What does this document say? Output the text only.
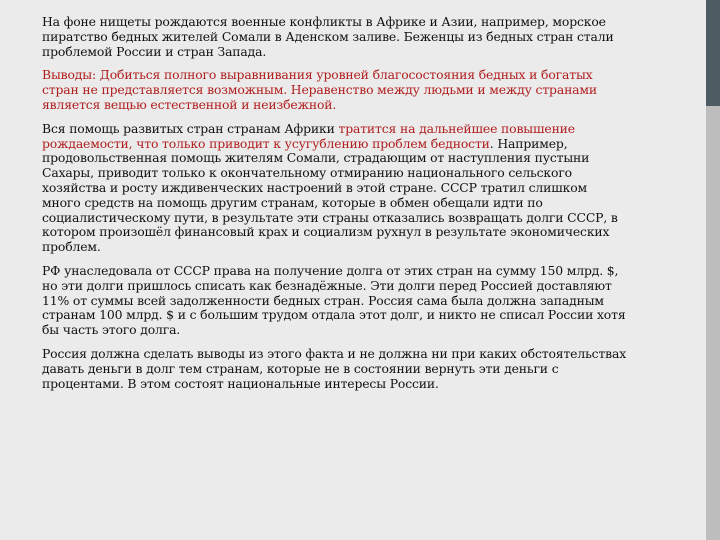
На фоне нищеты рождаются военные конфликты в Африке и Азии, например, морское пиратство бедных жителей Сомали в Аденском заливе. Беженцы из бедных стран стали проблемой России и стран Запада.

Выводы: Добиться полного выравнивания уровней благосостояния бедных и богатых стран не представляется возможным. Неравенство между людьми и между странами является вещью естественной и неизбежной.

Вся помощь развитых стран странам Африки тратится на дальнейшее повышение рождаемости, что только приводит к усугублению проблем бедности. Например, продовольственная помощь жителям Сомали, страдающим от наступления пустыни Сахары, приводит только к окончательному отмиранию национального сельского хозяйства и росту иждивенческих настроений в этой стране. СССР тратил слишком много средств на помощь другим странам, которые в обмен обещали идти по социалистическому пути, в результате эти страны отказались возвращать долги СССР, в котором произошёл финансовый крах и социализм рухнул в результате экономических проблем.

РФ унаследовала от СССР права на получение долга от этих стран на сумму 150 млрд. $, но эти долги пришлось списать как безнадёжные. Эти долги перед Россией доставляют 11% от суммы всей задолженности бедных стран. Россия сама была должна западным странам 100 млрд. $ и с большим трудом отдала этот долг, и никто не списал России хотя бы часть этого долга.

Россия должна сделать выводы из этого факта и не должна ни при каких обстоятельствах давать деньги в долг тем странам, которые не в состоянии вернуть эти деньги с процентами. В этом состоят национальные интересы России.
